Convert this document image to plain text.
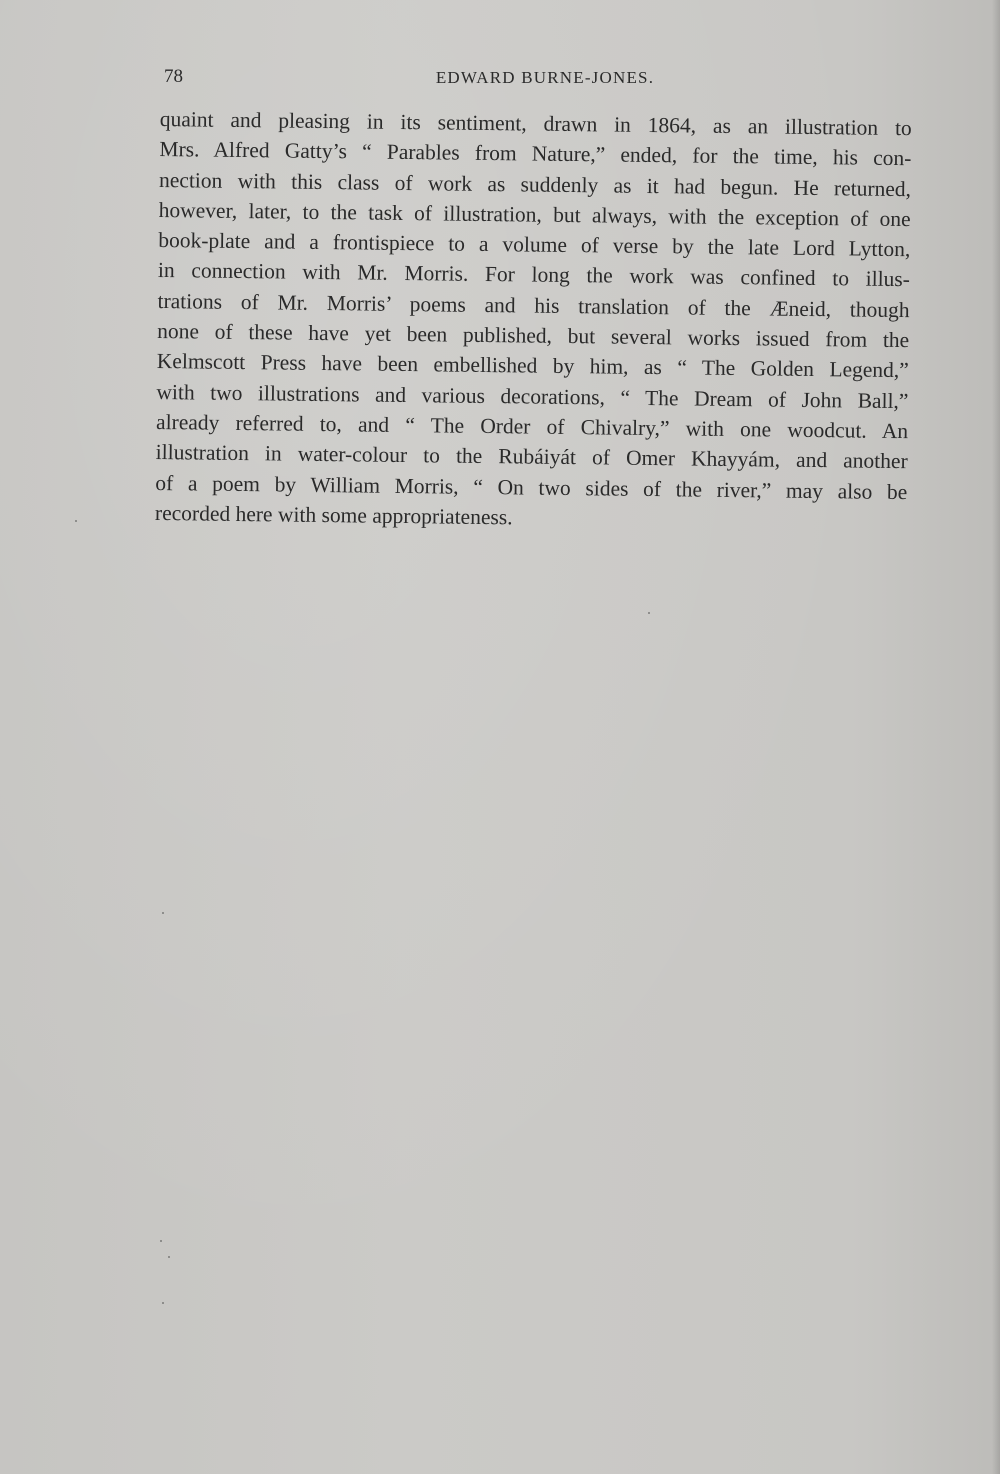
78	EDWARD BURNE-JONES.
quaint and pleasing in its sentiment, drawn in 1864, as an illustration to
Mrs. Alfred Gatty’s “ Parables from Nature,” ended, for the time, his con-
nection with this class of work as suddenly as it had begun. He returned,
however, later, to the task of illustration, but always, with the exception of one
book-plate and a frontispiece to a volume of verse by the late Lord Lytton,
in connection with Mr. Morris. For long the work was confined to illus-
trations of Mr. Morris’ poems and his translation of the Æneid, though
none of these have yet been published, but several works issued from the
Kelmscott Press have been embellished by him, as “ The Golden Legend,”
with two illustrations and various decorations, “ The Dream of John Ball,”
already referred to, and “ The Order of Chivalry,” with one woodcut. An
illustration in water-colour to the Rubáiyát of Omer Khayyám, and another
of a poem by William Morris, “ On two sides of the river,” may also be
recorded here with some appropriateness.
